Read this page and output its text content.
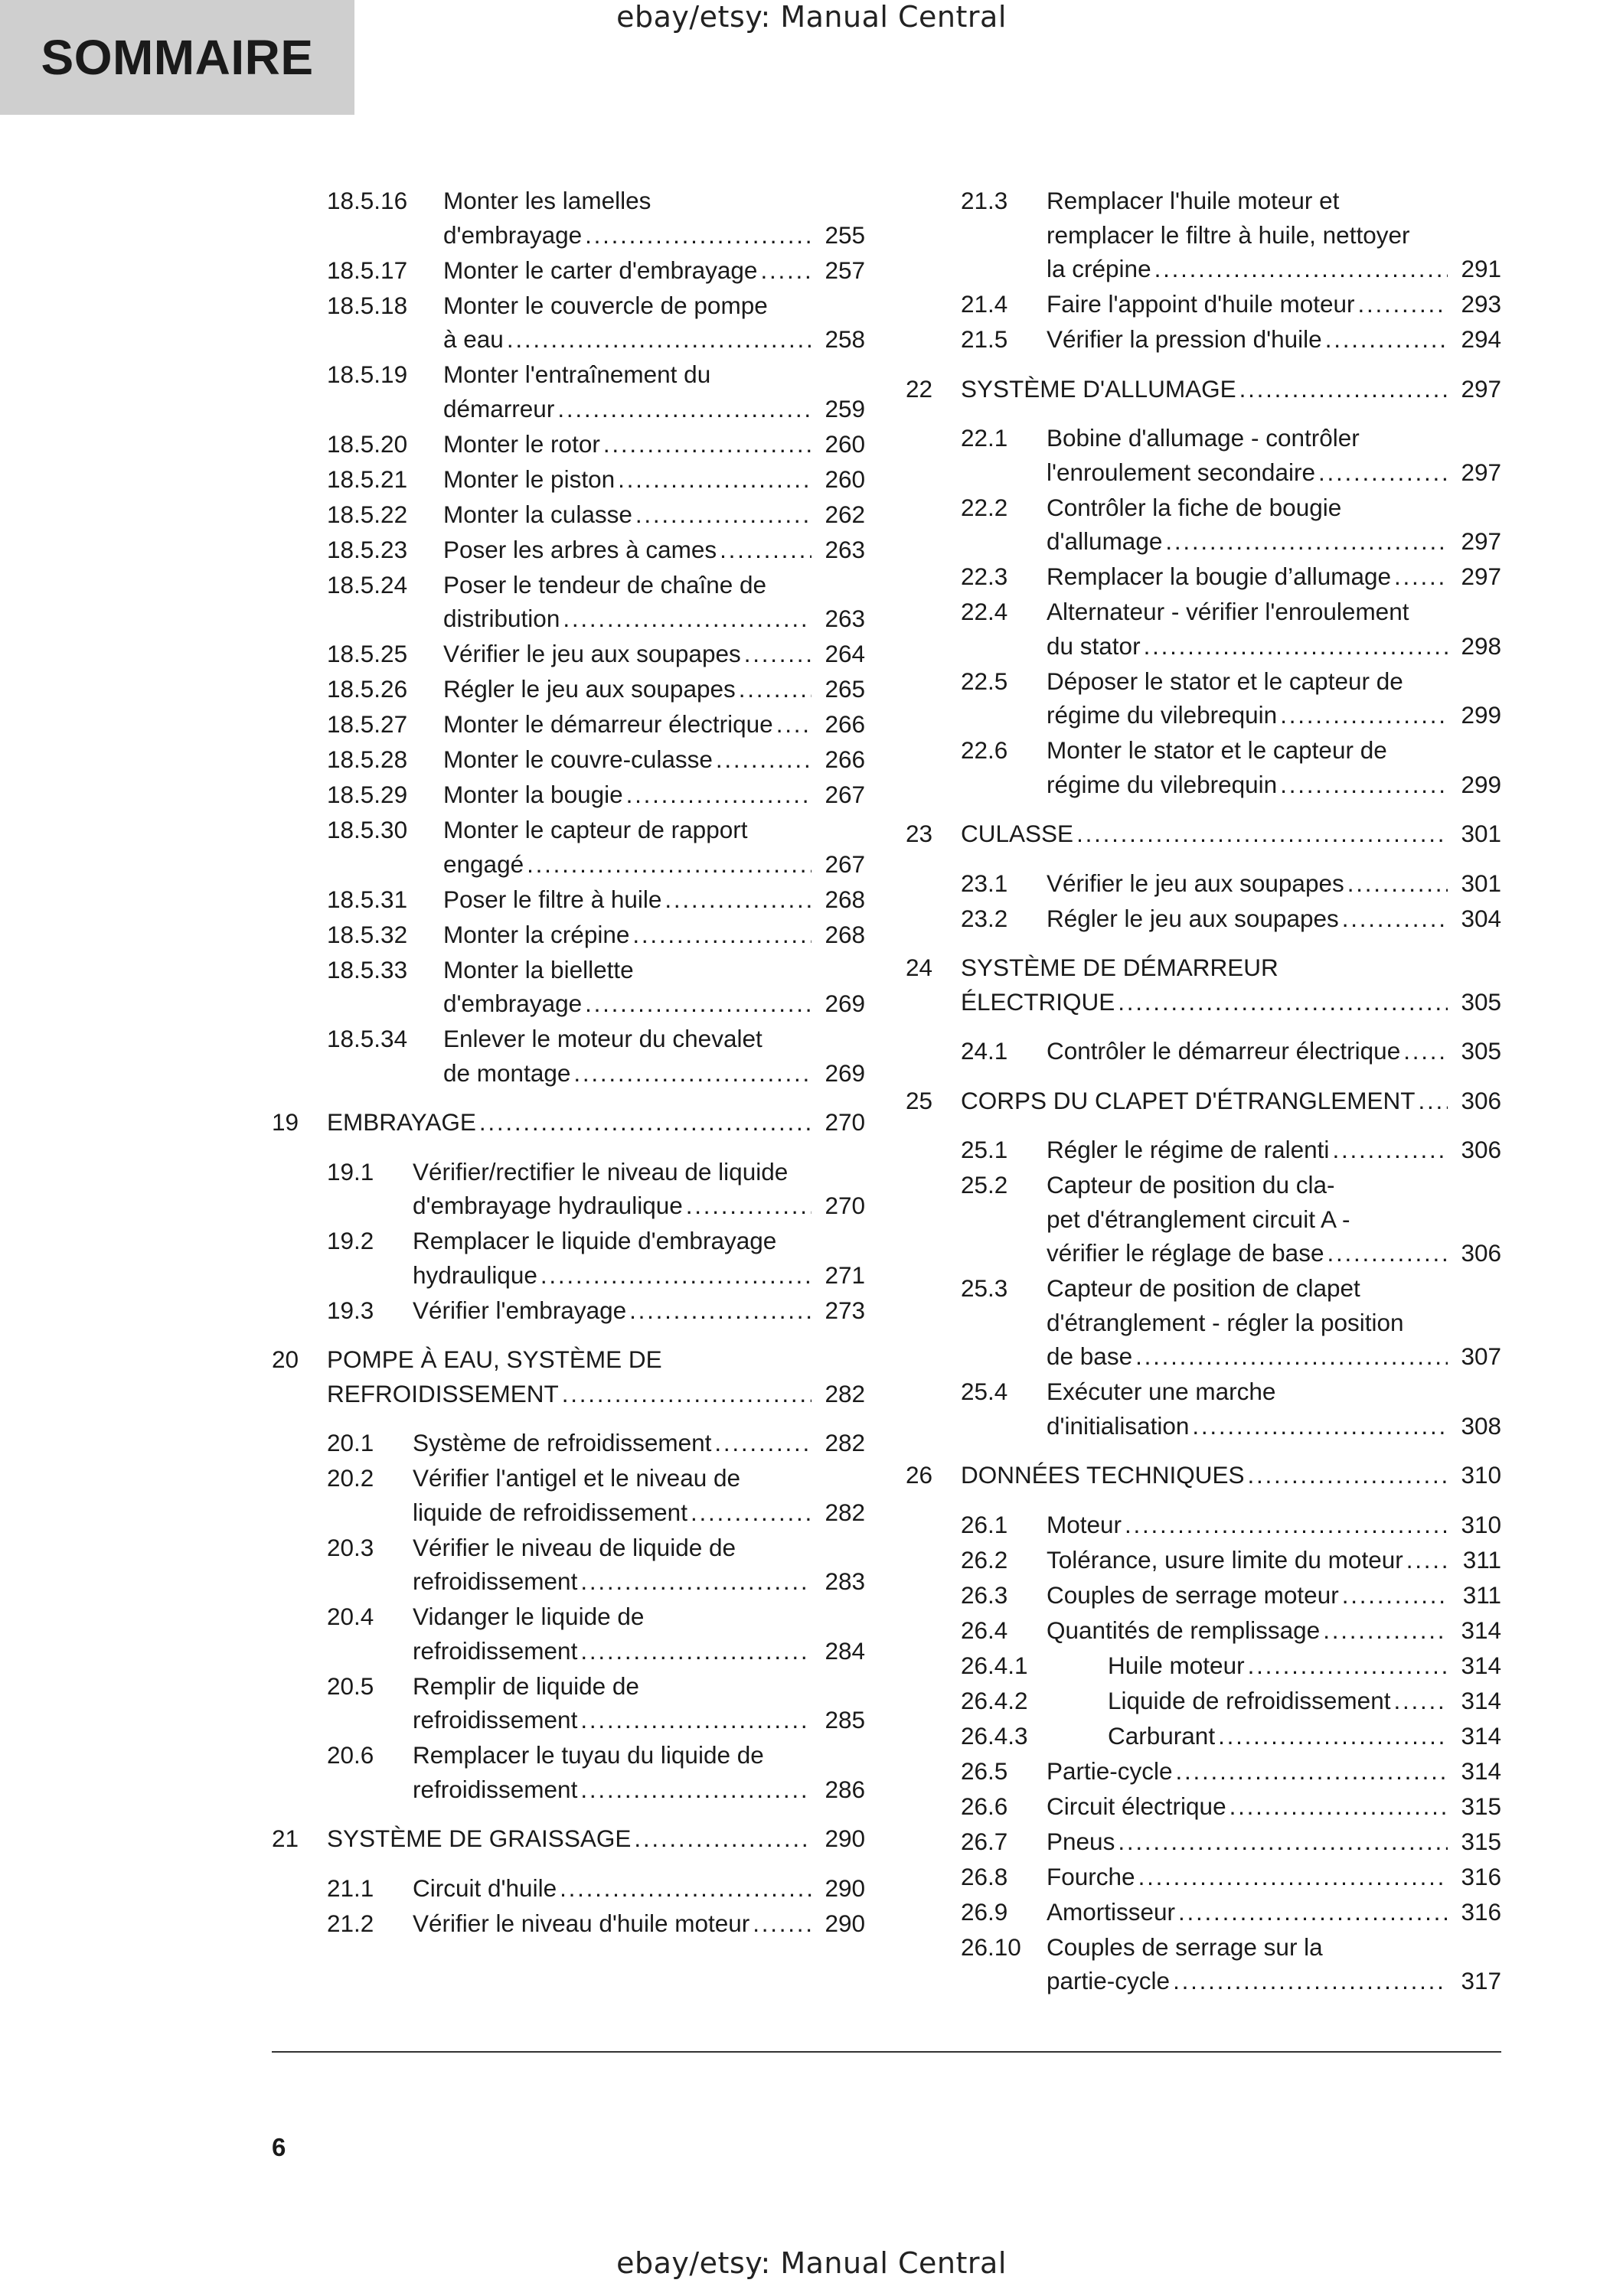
ebay/etsy: Manual Central
SOMMAIRE
18.5.16	Monter les lamelles
d'embrayage . . .	255
18.5.17	Monter le carter d'embrayage . . .	257
18.5.18	Monter le couvercle de pompe
à eau . . .	258
18.5.19	Monter l'entraînement du
démarreur . . .	259
18.5.20	Monter le rotor . . .	260
18.5.21	Monter le piston . . .	260
18.5.22	Monter la culasse . . .	262
18.5.23	Poser les arbres à cames . . .	263
18.5.24	Poser le tendeur de chaîne de
distribution . . .	263
18.5.25	Vérifier le jeu aux soupapes . . .	264
18.5.26	Régler le jeu aux soupapes . . .	265
18.5.27	Monter le démarreur électrique . . .	266
18.5.28	Monter le couvre-culasse . . .	266
18.5.29	Monter la bougie . . .	267
18.5.30	Monter le capteur de rapport
engagé . . .	267
18.5.31	Poser le filtre à huile . . .	268
18.5.32	Monter la crépine . . .	268
18.5.33	Monter la biellette
d'embrayage . . .	269
18.5.34	Enlever le moteur du chevalet
de montage . . .	269
19	EMBRAYAGE . . .	270
19.1	Vérifier/rectifier le niveau de liquide
d'embrayage hydraulique . . .	270
19.2	Remplacer le liquide d'embrayage
hydraulique . . .	271
19.3	Vérifier l'embrayage . . .	273
20	POMPE À EAU, SYSTÈME DE
REFROIDISSEMENT . . .	282
20.1	Système de refroidissement . . .	282
20.2	Vérifier l'antigel et le niveau de
liquide de refroidissement . . .	282
20.3	Vérifier le niveau de liquide de
refroidissement . . .	283
20.4	Vidanger le liquide de
refroidissement . . .	284
20.5	Remplir de liquide de
refroidissement . . .	285
20.6	Remplacer le tuyau du liquide de
refroidissement . . .	286
21	SYSTÈME DE GRAISSAGE . . .	290
21.1	Circuit d'huile . . .	290
21.2	Vérifier le niveau d'huile moteur . . .	290
21.3	Remplacer l'huile moteur et
remplacer le filtre à huile, nettoyer
la crépine . . .	291
21.4	Faire l'appoint d'huile moteur . . .	293
21.5	Vérifier la pression d'huile . . .	294
22	SYSTÈME D'ALLUMAGE . . .	297
22.1	Bobine d'allumage - contrôler
l'enroulement secondaire . . .	297
22.2	Contrôler la fiche de bougie
d'allumage . . .	297
22.3	Remplacer la bougie d’allumage . . .	297
22.4	Alternateur - vérifier l'enroulement
du stator . . .	298
22.5	Déposer le stator et le capteur de
régime du vilebrequin . . .	299
22.6	Monter le stator et le capteur de
régime du vilebrequin . . .	299
23	CULASSE . . .	301
23.1	Vérifier le jeu aux soupapes . . .	301
23.2	Régler le jeu aux soupapes . . .	304
24	SYSTÈME DE DÉMARREUR
ÉLECTRIQUE . . .	305
24.1	Contrôler le démarreur électrique . . .	305
25	CORPS DU CLAPET D'ÉTRANGLEMENT . . .	306
25.1	Régler le régime de ralenti . . .	306
25.2	Capteur de position du cla-
pet d'étranglement circuit A -
vérifier le réglage de base . . .	306
25.3	Capteur de position de clapet
d'étranglement - régler la position
de base . . .	307
25.4	Exécuter une marche
d'initialisation . . .	308
26	DONNÉES TECHNIQUES . . .	310
26.1	Moteur . . .	310
26.2	Tolérance, usure limite du moteur . . .	311
26.3	Couples de serrage moteur . . .	311
26.4	Quantités de remplissage . . .	314
26.4.1	Huile moteur . . .	314
26.4.2	Liquide de refroidissement . . .	314
26.4.3	Carburant . . .	314
26.5	Partie-cycle . . .	314
26.6	Circuit électrique . . .	315
26.7	Pneus . . .	315
26.8	Fourche . . .	316
26.9	Amortisseur . . .	316
26.10	Couples de serrage sur la
partie-cycle . . .	317
6
ebay/etsy: Manual Central
